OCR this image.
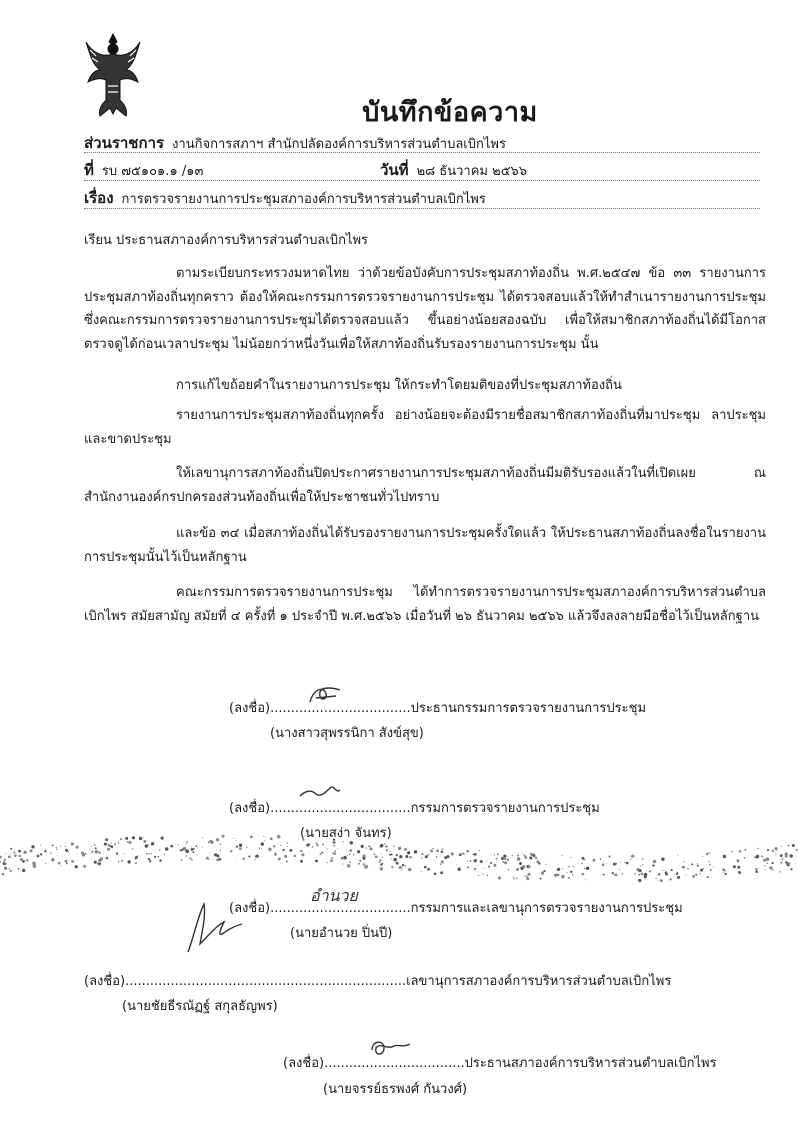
บันทึกข้อความ
ส่วนราชการ งานกิจการสภาฯ สำนักปลัดองค์การบริหารส่วนตำบลเบิกไพร
ที่ รบ ๗๕๑๐๑.๑ /๑๓	วันที่ ๒๘ ธันวาคม ๒๕๖๖
เรื่อง การตรวจรายงานการประชุมสภาองค์การบริหารส่วนตำบลเบิกไพร
เรียน ประธานสภาองค์การบริหารส่วนตำบลเบิกไพร

ตามระเบียบกระทรวงมหาดไทย ว่าด้วยข้อบังคับการประชุมสภาท้องถิ่น พ.ศ.๒๕๔๗ ข้อ ๓๓ รายงานการประชุมสภาท้องถิ่นทุกคราว ต้องให้คณะกรรมการตรวจรายงานการประชุม ได้ตรวจสอบแล้วให้ทำสำเนารายงานการประชุม ซึ่งคณะกรรมการตรวจรายงานการประชุมได้ตรวจสอบแล้ว ขึ้นอย่างน้อยสองฉบับ เพื่อให้สมาชิกสภาท้องถิ่นได้มีโอกาสตรวจดูได้ก่อนเวลาประชุม ไม่น้อยกว่าหนึ่งวันเพื่อให้สภาท้องถิ่นรับรองรายงานการประชุม นั้น

การแก้ไขถ้อยคำในรายงานการประชุม ให้กระทำโดยมติของที่ประชุมสภาท้องถิ่น

รายงานการประชุมสภาท้องถิ่นทุกครั้ง อย่างน้อยจะต้องมีรายชื่อสมาชิกสภาท้องถิ่นที่มาประชุม ลาประชุม และขาดประชุม

ให้เลขานุการสภาท้องถิ่นปิดประกาศรายงานการประชุมสภาท้องถิ่นมีมติรับรองแล้วในที่เปิดเผย ณ สำนักงานองค์กรปกครองส่วนท้องถิ่นเพื่อให้ประชาชนทั่วไปทราบ

และข้อ ๓๔ เมื่อสภาท้องถิ่นได้รับรองรายงานการประชุมครั้งใดแล้ว ให้ประธานสภาท้องถิ่นลงชื่อในรายงานการประชุมนั้นไว้เป็นหลักฐาน

คณะกรรมการตรวจรายงานการประชุม ได้ทำการตรวจรายงานการประชุมสภาองค์การบริหารส่วนตำบลเบิกไพร สมัยสามัญ สมัยที่ ๔ ครั้งที่ ๑ ประจำปี พ.ศ.๒๕๖๖ เมื่อวันที่ ๒๖ ธันวาคม ๒๕๖๖ แล้วจึงลงลายมือชื่อไว้เป็นหลักฐาน

(ลงชื่อ)..................................ประธานกรรมการตรวจรายงานการประชุม
(นางสาวสุพรรนิกา สังข์สุข)
(ลงชื่อ)..................................กรรมการตรวจรายงานการประชุม
(นายสง่า จันทร)
(ลงชื่อ)..................................กรรมการและเลขานุการตรวจรายงานการประชุม
อำนวย
(นายอำนวย ปิ่นปี)
(ลงชื่อ)....................................................................เลขานุการสภาองค์การบริหารส่วนตำบลเบิกไพร
(นายชัยธีรณัฏฐ์ สกุลธัญพร)
(ลงชื่อ)..................................ประธานสภาองค์การบริหารส่วนตำบลเบิกไพร
(นายจรรย์ธรพงศ์ กันวงศ์)
